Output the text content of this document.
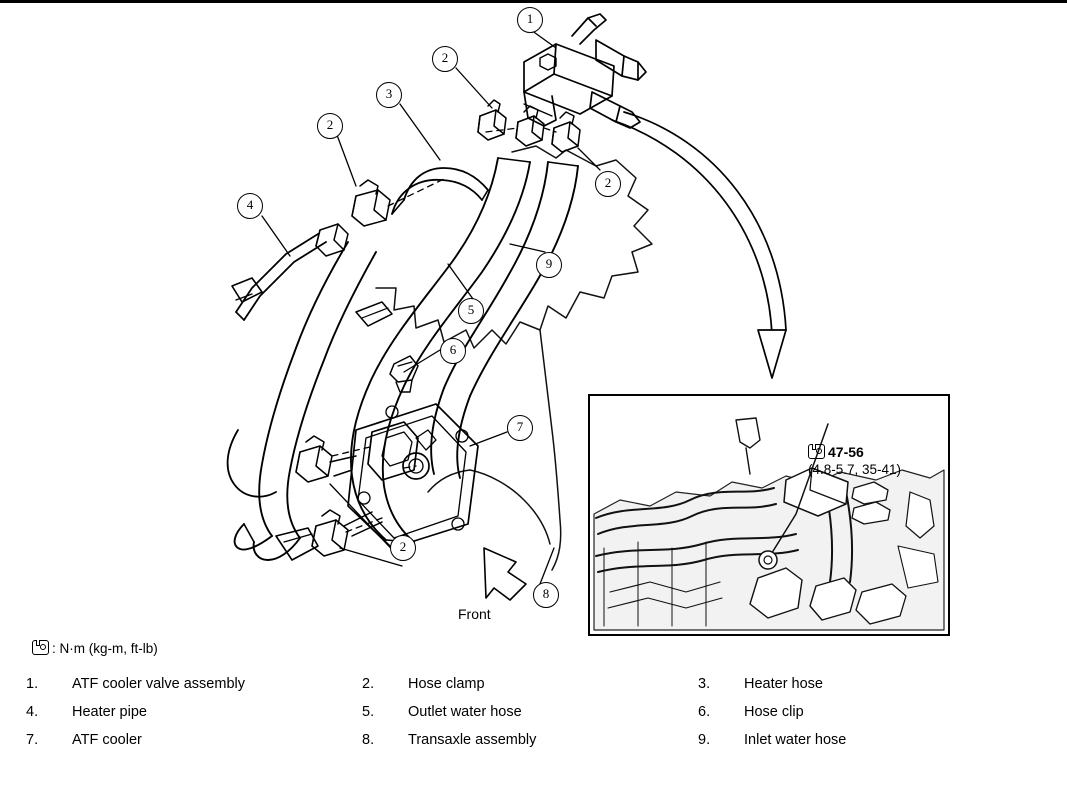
1
2
2
2
2
3
4
5
6
7
8
9
Front
47-56
(4.8-5.7, 35-41)
: N·m (kg-m, ft-lb)
1.	ATF cooler valve assembly	2.	Hose clamp	3.	Heater hose
4.	Heater pipe	5.	Outlet water hose	6.	Hose clip
7.	ATF cooler	8.	Transaxle assembly	9.	Inlet water hose
